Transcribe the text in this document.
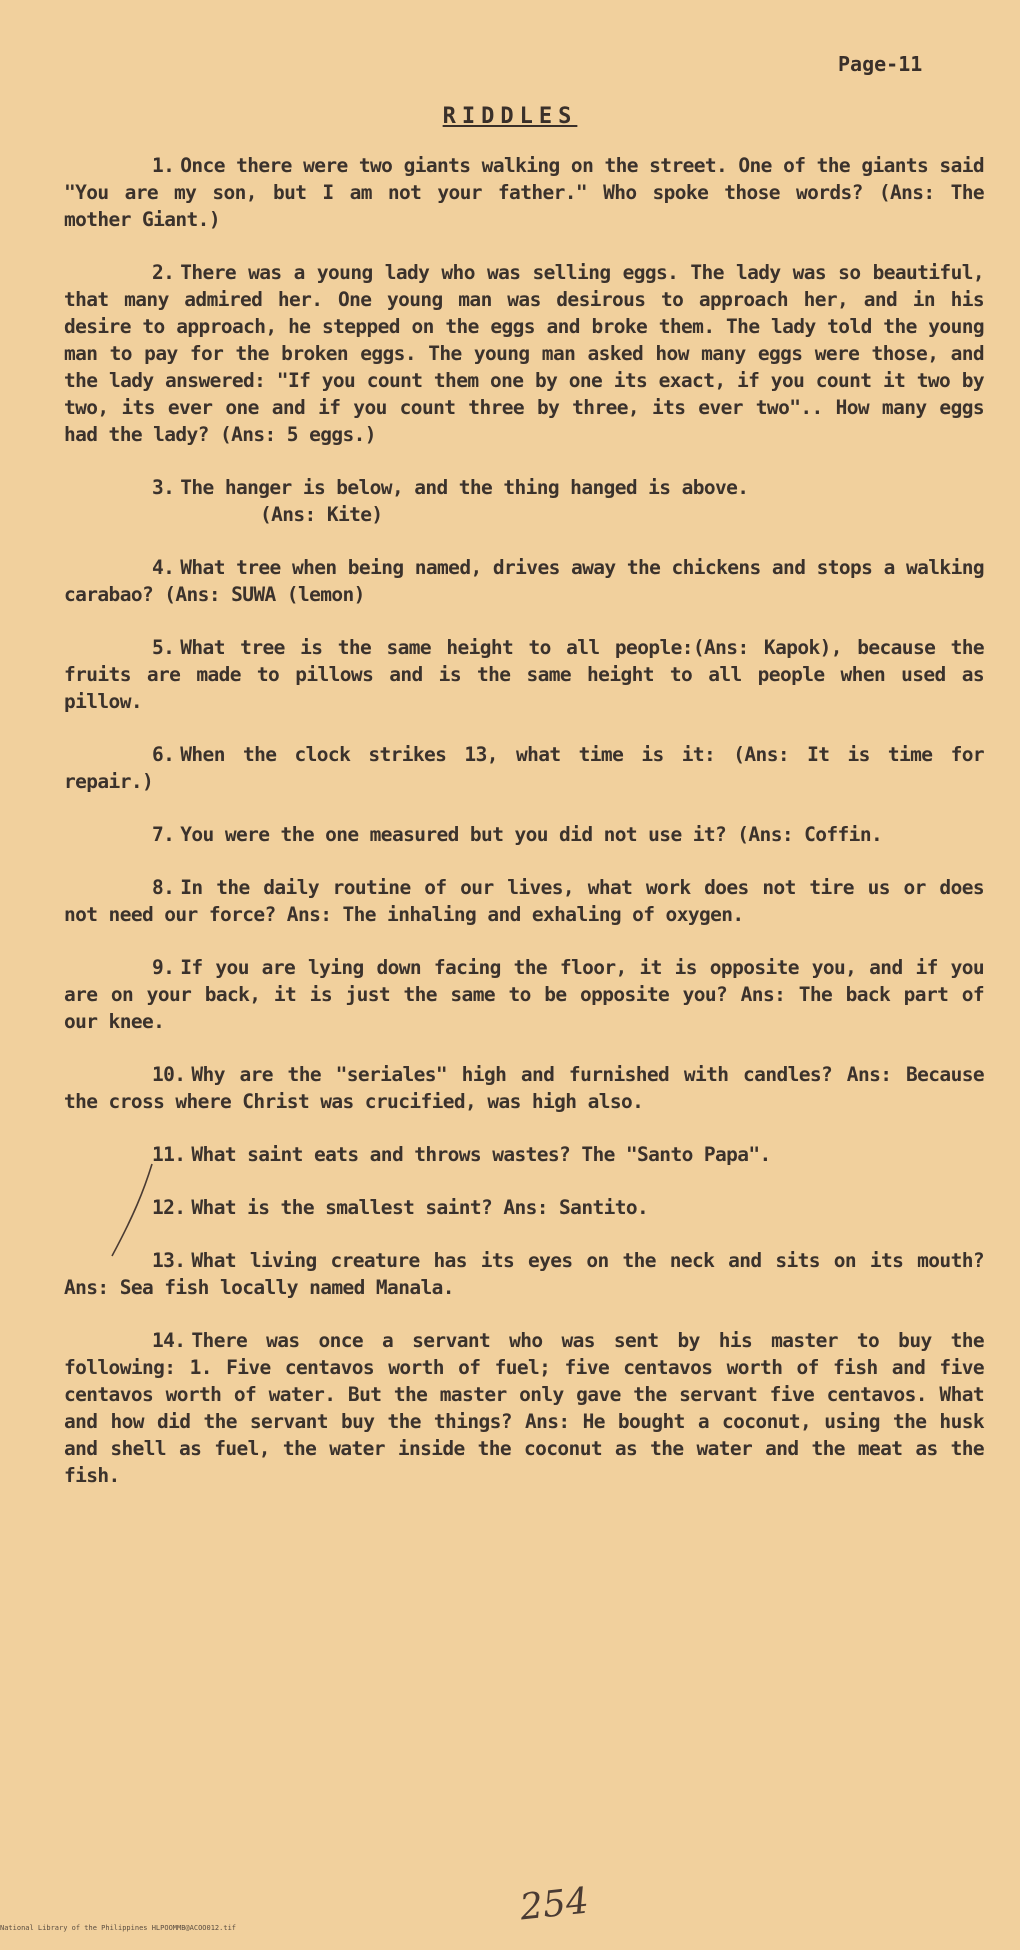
Page-11
RIDDLES

1. Once there were two giants walking on the street. One of the giants said "You are my son, but I am not your father." Who spoke those words? (Ans: The mother Giant.)

2. There was a young lady who was selling eggs. The lady was so beautiful, that many admired her. One young man was desirous to approach her, and in his desire to approach, he stepped on the eggs and broke them. The lady told the young man to pay for the broken eggs. The young man asked how many eggs were those, and the lady answered: "If you count them one by one its exact, if you count it two by two, its ever one and if you count three by three, its ever two".. How many eggs had the lady? (Ans: 5 eggs.)

3. The hanger is below, and the thing hanged is above.
(Ans: Kite)

4. What tree when being named, drives away the chickens and stops a walking carabao? (Ans: SUWA (lemon)

5. What tree is the same height to all people:(Ans: Kapok), because the fruits are made to pillows and is the same height to all people when used as pillow.

6. When the clock strikes 13, what time is it: (Ans: It is time for repair.)

7. You were the one measured but you did not use it? (Ans: Coffin.

8. In the daily routine of our lives, what work does not tire us or does not need our force? Ans: The inhaling and exhaling of oxygen.

9. If you are lying down facing the floor, it is opposite you, and if you are on your back, it is just the same to be opposite you? Ans: The back part of our knee.

10. Why are the "seriales" high and furnished with candles? Ans: Because the cross where Christ was crucified, was high also.

11. What saint eats and throws wastes? The "Santo Papa".

12. What is the smallest saint? Ans: Santito.

13. What living creature has its eyes on the neck and sits on its mouth? Ans: Sea fish locally named Manala.

14. There was once a servant who was sent by his master to buy the following: 1. Five centavos worth of fuel; five centavos worth of fish and five centavos worth of water. But the master only gave the servant five centavos. What and how did the servant buy the things? Ans: He bought a coconut, using the husk and shell as fuel, the water inside the coconut as the water and the meat as the fish.

254
National Library of the Philippines HLPOOMMB@ACOO012.tif
